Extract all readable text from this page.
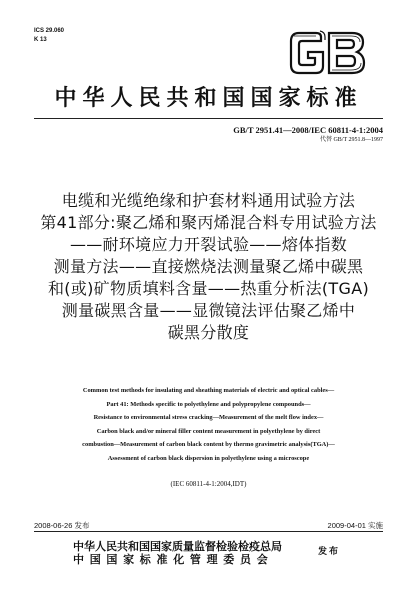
ICS 29.060
K 13
中华人民共和国国家标准
GB/T 2951.41—2008/IEC 60811-4-1:2004
代替 GB/T 2951.8—1997
电缆和光缆绝缘和护套材料通用试验方法
第41部分:聚乙烯和聚丙烯混合料专用试验方法
——耐环境应力开裂试验——熔体指数
测量方法——直接燃烧法测量聚乙烯中碳黑
和(或)矿物质填料含量——热重分析法(TGA)
测量碳黑含量——显微镜法评估聚乙烯中
碳黑分散度
Common test methods for insulating and sheathing materials of electric and optical cables—
Part 41: Methods specific to polyethylene and polypropylene compounds—
Resistance to environmental stress cracking—Measurement of the melt flow index—
Carbon black and/or mineral filler content measurement in polyethylene by direct
combustion—Measurement of carbon black content by thermo gravimetric analysis(TGA)—
Assessment of carbon black dispersion in polyethylene using a microscope
(IEC 60811-4-1:2004,IDT)
2008-06-26 发布	2009-04-01 实施
中华人民共和国国家质量监督检验检疫总局
中国国家标准化管理委员会
发布
